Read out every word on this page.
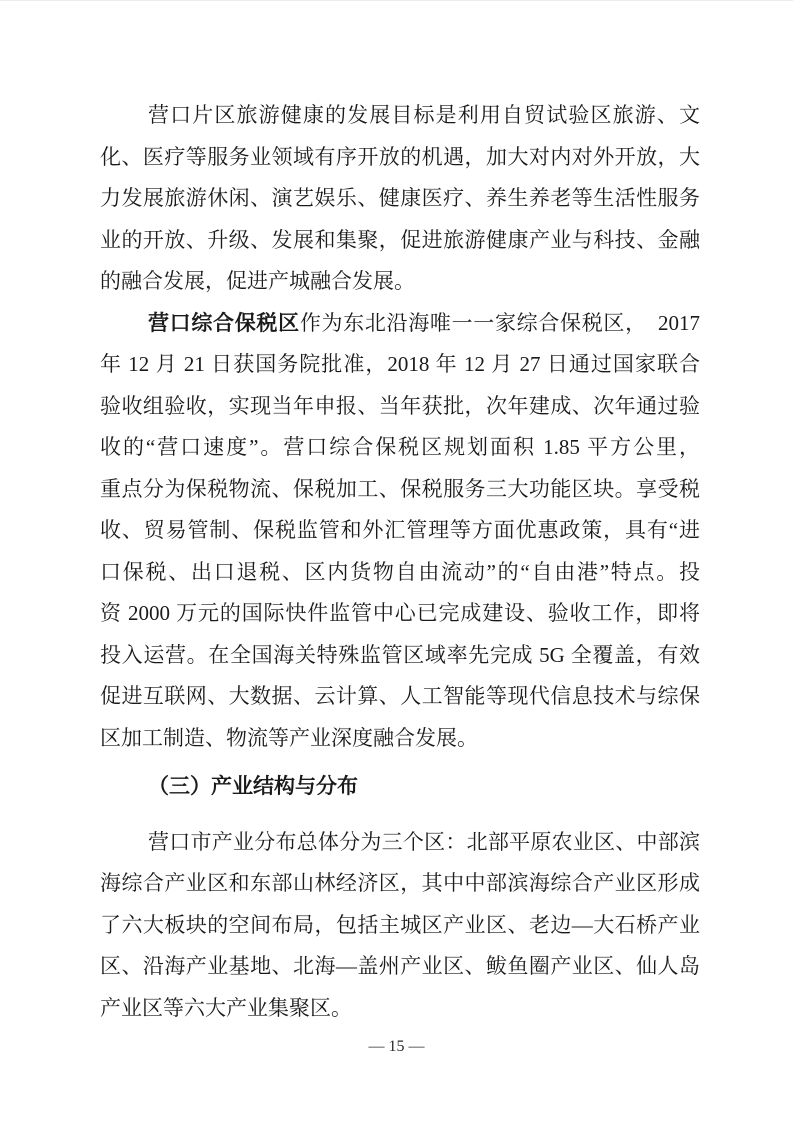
营口片区旅游健康的发展目标是利用自贸试验区旅游、文
化、医疗等服务业领域有序开放的机遇，加大对内对外开放，大
力发展旅游休闲、演艺娱乐、健康医疗、养生养老等生活性服务
业的开放、升级、发展和集聚，促进旅游健康产业与科技、金融
的融合发展，促进产城融合发展。
营口综合保税区作为东北沿海唯一一家综合保税区，　2017
年 12 月 21 日获国务院批准，2018 年 12 月 27 日通过国家联合
验收组验收，实现当年申报、当年获批，次年建成、次年通过验
收的“营口速度”。营口综合保税区规划面积 1.85 平方公里，
重点分为保税物流、保税加工、保税服务三大功能区块。享受税
收、贸易管制、保税监管和外汇管理等方面优惠政策，具有“进
口保税、出口退税、区内货物自由流动”的“自由港”特点。投
资 2000 万元的国际快件监管中心已完成建设、验收工作，即将
投入运营。在全国海关特殊监管区域率先完成 5G 全覆盖，有效
促进互联网、大数据、云计算、人工智能等现代信息技术与综保
区加工制造、物流等产业深度融合发展。
（三）产业结构与分布
营口市产业分布总体分为三个区：北部平原农业区、中部滨
海综合产业区和东部山林经济区，其中中部滨海综合产业区形成
了六大板块的空间布局，包括主城区产业区、老边—大石桥产业
区、沿海产业基地、北海—盖州产业区、鲅鱼圈产业区、仙人岛
产业区等六大产业集聚区。
— 15 —
